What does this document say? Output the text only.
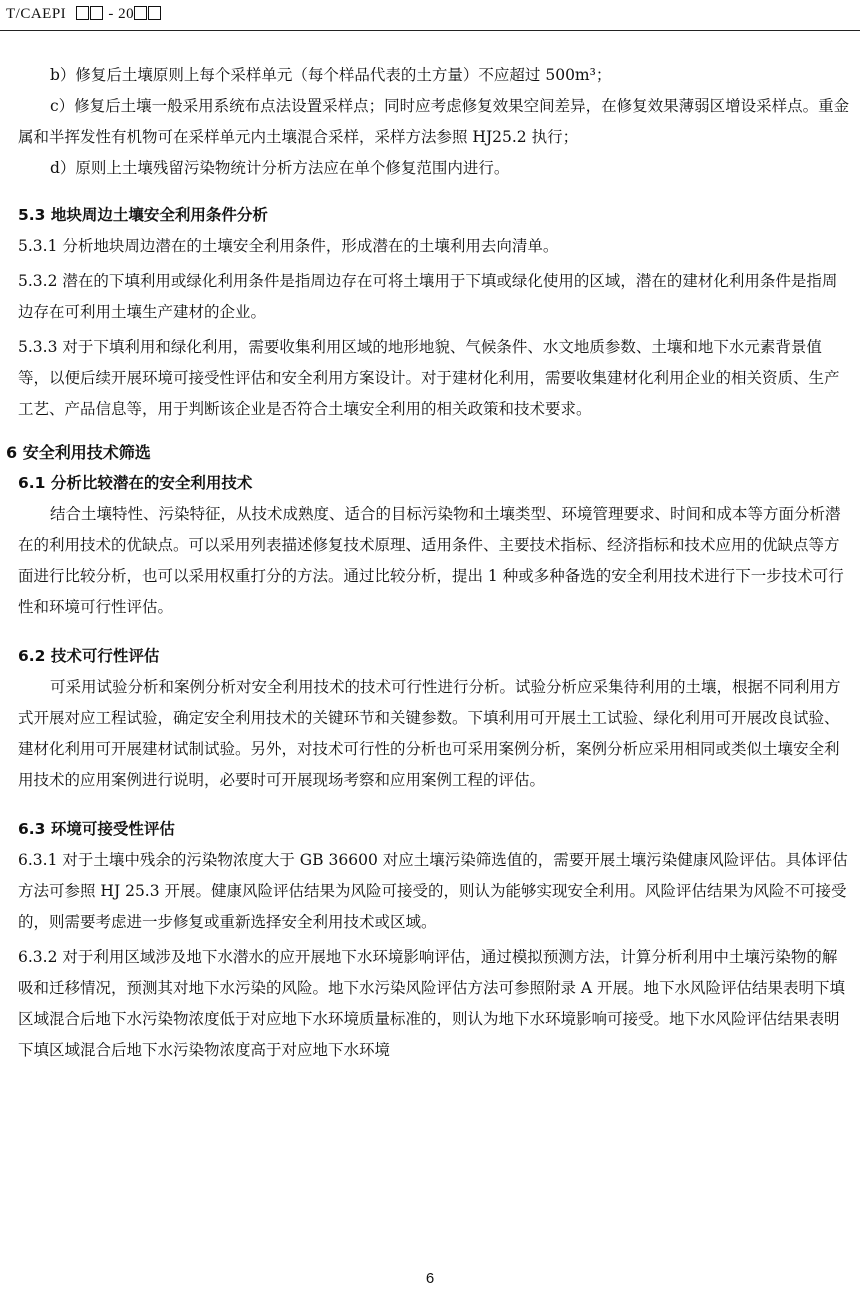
T/CAEPI	- 20

b）修复后土壤原则上每个采样单元（每个样品代表的土方量）不应超过 500m³；

c）修复后土壤一般采用系统布点法设置采样点；同时应考虑修复效果空间差异，在修复效果薄弱区增设采样点。重金属和半挥发性有机物可在采样单元内土壤混合采样，采样方法参照 HJ25.2 执行；

d）原则上土壤残留污染物统计分析方法应在单个修复范围内进行。

5.3 地块周边土壤安全利用条件分析

5.3.1 分析地块周边潜在的土壤安全利用条件，形成潜在的土壤利用去向清单。

5.3.2 潜在的下填利用或绿化利用条件是指周边存在可将土壤用于下填或绿化使用的区域，潜在的建材化利用条件是指周边存在可利用土壤生产建材的企业。

5.3.3 对于下填利用和绿化利用，需要收集利用区域的地形地貌、气候条件、水文地质参数、土壤和地下水元素背景值等，以便后续开展环境可接受性评估和安全利用方案设计。对于建材化利用，需要收集建材化利用企业的相关资质、生产工艺、产品信息等，用于判断该企业是否符合土壤安全利用的相关政策和技术要求。

6 安全利用技术筛选

6.1 分析比较潜在的安全利用技术

结合土壤特性、污染特征，从技术成熟度、适合的目标污染物和土壤类型、环境管理要求、时间和成本等方面分析潜在的利用技术的优缺点。可以采用列表描述修复技术原理、适用条件、主要技术指标、经济指标和技术应用的优缺点等方面进行比较分析，也可以采用权重打分的方法。通过比较分析，提出 1 种或多种备选的安全利用技术进行下一步技术可行性和环境可行性评估。

6.2 技术可行性评估

可采用试验分析和案例分析对安全利用技术的技术可行性进行分析。试验分析应采集待利用的土壤，根据不同利用方式开展对应工程试验，确定安全利用技术的关键环节和关键参数。下填利用可开展土工试验、绿化利用可开展改良试验、建材化利用可开展建材试制试验。另外，对技术可行性的分析也可采用案例分析，案例分析应采用相同或类似土壤安全利用技术的应用案例进行说明，必要时可开展现场考察和应用案例工程的评估。

6.3 环境可接受性评估

6.3.1 对于土壤中残余的污染物浓度大于 GB 36600 对应土壤污染筛选值的，需要开展土壤污染健康风险评估。具体评估方法可参照 HJ 25.3 开展。健康风险评估结果为风险可接受的，则认为能够实现安全利用。风险评估结果为风险不可接受的，则需要考虑进一步修复或重新选择安全利用技术或区域。

6.3.2 对于利用区域涉及地下水潜水的应开展地下水环境影响评估，通过模拟预测方法，计算分析利用中土壤污染物的解吸和迁移情况，预测其对地下水污染的风险。地下水污染风险评估方法可参照附录 A 开展。地下水风险评估结果表明下填区域混合后地下水污染物浓度低于对应地下水环境质量标准的，则认为地下水环境影响可接受。地下水风险评估结果表明下填区域混合后地下水污染物浓度高于对应地下水环境

6
